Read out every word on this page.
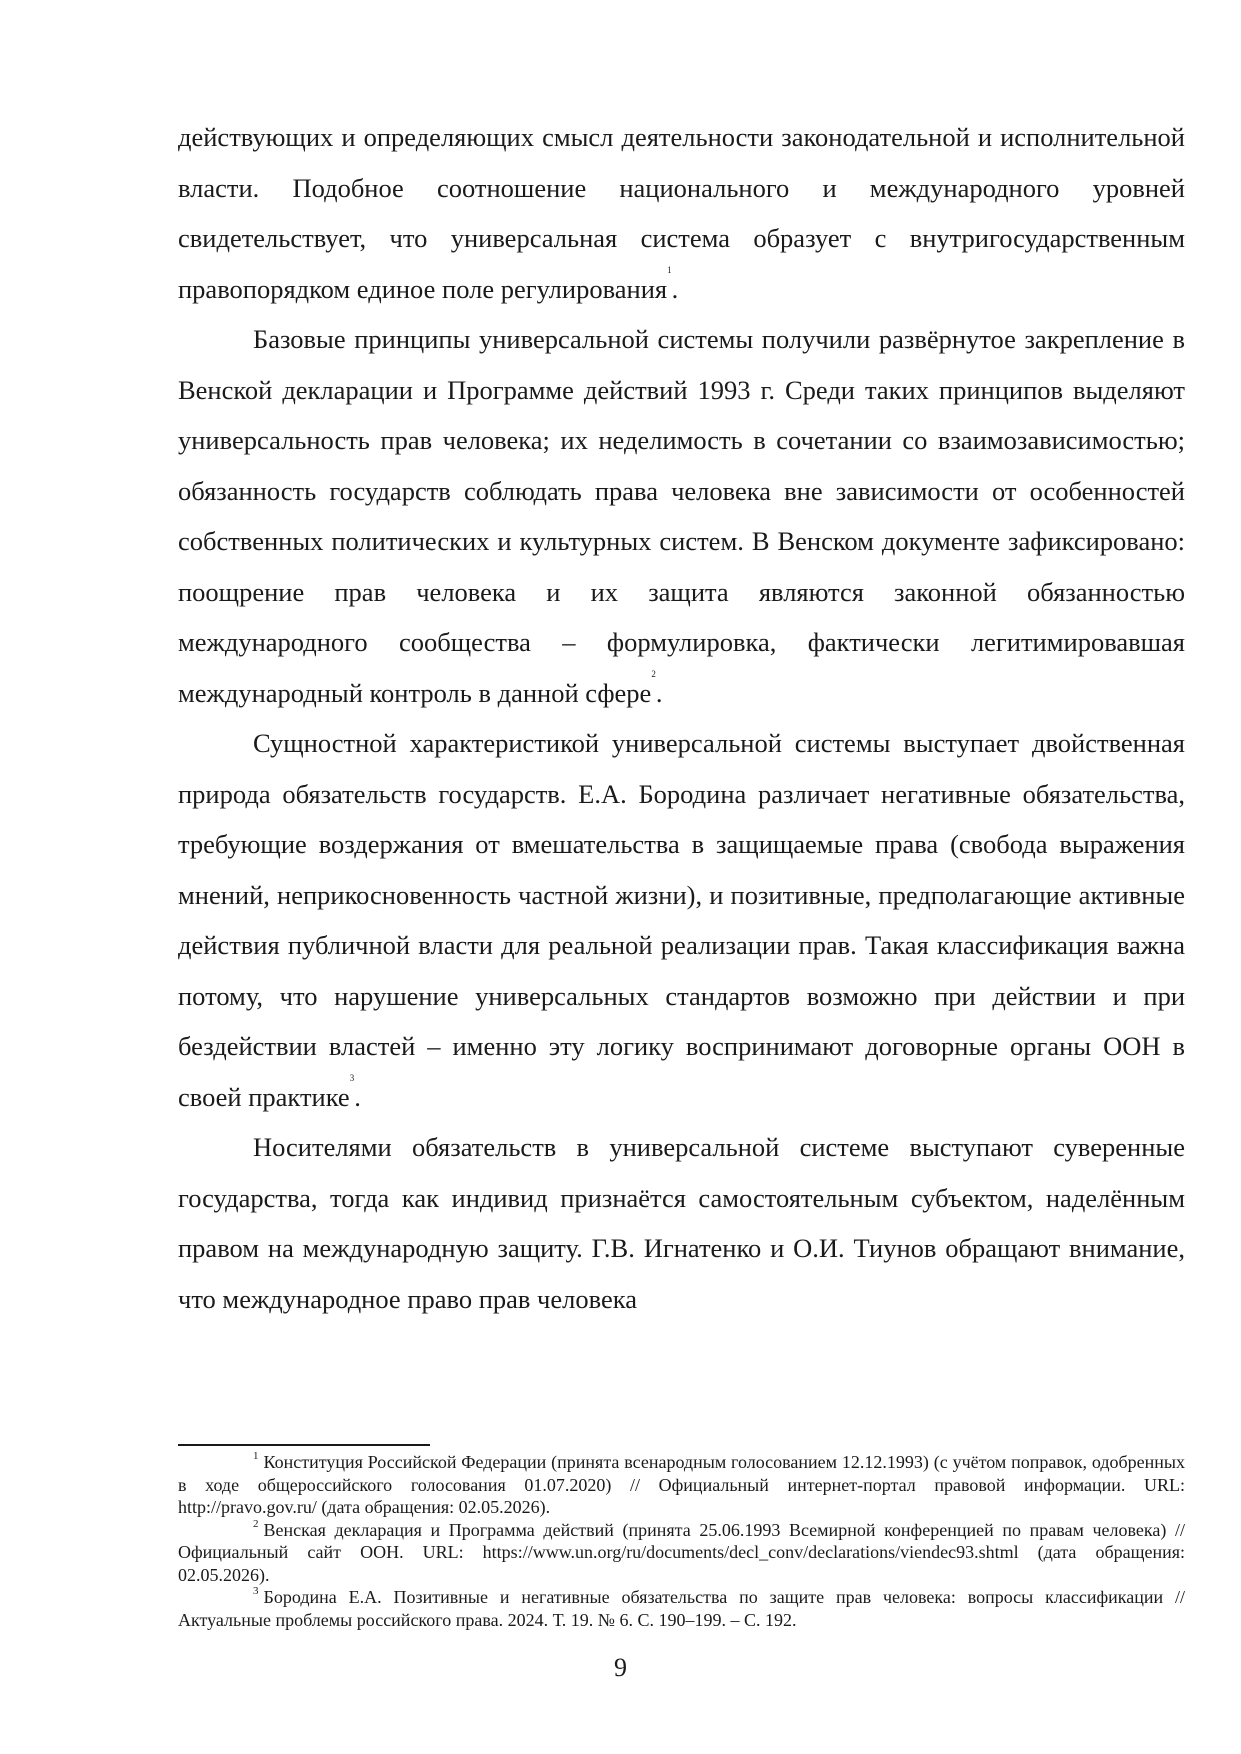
действующих и определяющих смысл деятельности законодательной и исполнительной власти. Подобное соотношение национального и международного уровней свидетельствует, что универсальная система образует с внутригосударственным правопорядком единое поле регулирования$^1$.

Базовые принципы универсальной системы получили развёрнутое закрепление в Венской декларации и Программе действий 1993 г. Среди таких принципов выделяют универсальность прав человека; их неделимость в сочетании со взаимозависимостью; обязанность государств соблюдать права человека вне зависимости от особенностей собственных политических и культурных систем. В Венском документе зафиксировано: поощрение прав человека и их защита являются законной обязанностью международного сообщества – формулировка, фактически легитимировавшая международный контроль в данной сфере$^2$.

Сущностной характеристикой универсальной системы выступает двойственная природа обязательств государств. Е.А. Бородина различает негативные обязательства, требующие воздержания от вмешательства в защищаемые права (свобода выражения мнений, неприкосновенность частной жизни), и позитивные, предполагающие активные действия публичной власти для реальной реализации прав. Такая классификация важна потому, что нарушение универсальных стандартов возможно при действии и при бездействии властей – именно эту логику воспринимают договорные органы ООН в своей практике$^3$.

Носителями обязательств в универсальной системе выступают суверенные государства, тогда как индивид признаётся самостоятельным субъектом, наделённым правом на международную защиту. Г.В. Игнатенко и О.И. Тиунов обращают внимание, что международное право прав человека

$^1$ Конституция Российской Федерации (принята всенародным голосованием 12.12.1993) (с учётом поправок, одобренных в ходе общероссийского голосования 01.07.2020) // Официальный интернет-портал правовой информации. URL: http://pravo.gov.ru/ (дата обращения: 02.05.2026).

$^2$ Венская декларация и Программа действий (принята 25.06.1993 Всемирной конференцией по правам человека) // Официальный сайт ООН. URL: https://www.un.org/ru/documents/decl_conv/declarations/viendec93.shtml (дата обращения: 02.05.2026).

$^3$ Бородина Е.А. Позитивные и негативные обязательства по защите прав человека: вопросы классификации // Актуальные проблемы российского права. 2024. Т. 19. № 6. С. 190–199. – С. 192.

9
